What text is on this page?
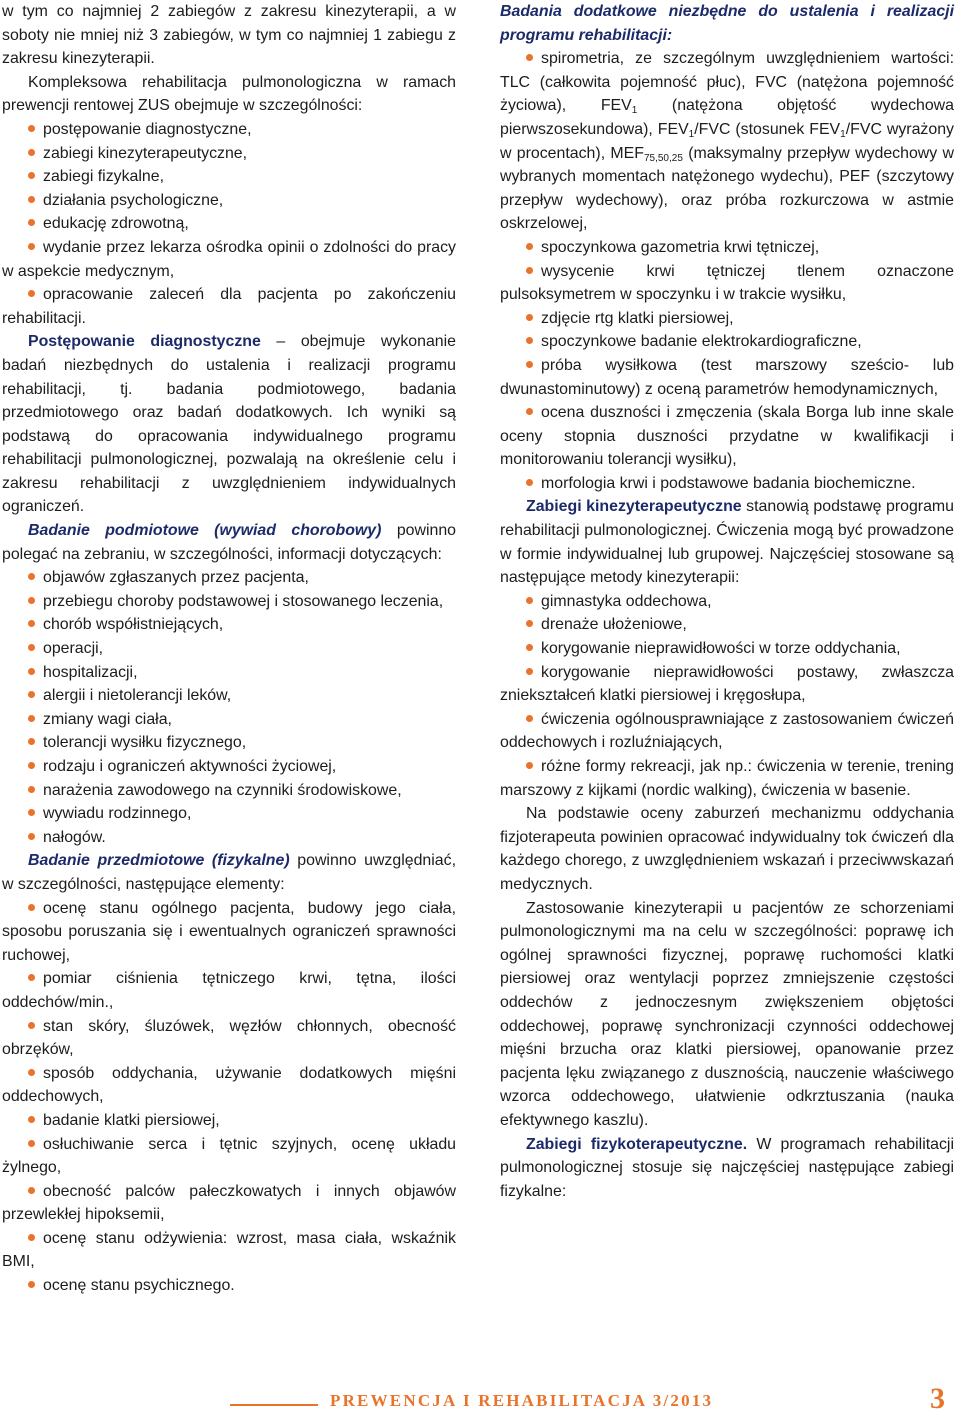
w tym co najmniej 2 zabiegów z zakresu kinezyterapii, a w soboty nie mniej niż 3 zabiegów, w tym co najmniej 1 zabiegu z zakresu kinezyterapii.

Kompleksowa rehabilitacja pulmonologiczna w ramach prewencji rentowej ZUS obejmuje w szczególności:

postępowanie diagnostyczne,

zabiegi kinezyterapeutyczne,

zabiegi fizykalne,

działania psychologiczne,

edukację zdrowotną,

wydanie przez lekarza ośrodka opinii o zdolności do pracy w aspekcie medycznym,

opracowanie zaleceń dla pacjenta po zakończeniu rehabilitacji.

Postępowanie diagnostyczne – obejmuje wykonanie badań niezbędnych do ustalenia i realizacji programu rehabilitacji, tj. badania podmiotowego, badania przedmiotowego oraz badań dodatkowych. Ich wyniki są podstawą do opracowania indywidualnego programu rehabilitacji pulmonologicznej, pozwalają na określenie celu i zakresu rehabilitacji z uwzględnieniem indywidualnych ograniczeń.

Badanie podmiotowe (wywiad chorobowy) powinno polegać na zebraniu, w szczególności, informacji dotyczących:

objawów zgłaszanych przez pacjenta,

przebiegu choroby podstawowej i stosowanego leczenia,

chorób współistniejących,

operacji,

hospitalizacji,

alergii i nietolerancji leków,

zmiany wagi ciała,

tolerancji wysiłku fizycznego,

rodzaju i ograniczeń aktywności życiowej,

narażenia zawodowego na czynniki środowiskowe,

wywiadu rodzinnego,

nałogów.

Badanie przedmiotowe (fizykalne) powinno uwzględniać, w szczególności, następujące elementy:

ocenę stanu ogólnego pacjenta, budowy jego ciała, sposobu poruszania się i ewentualnych ograniczeń sprawności ruchowej,

pomiar ciśnienia tętniczego krwi, tętna, ilości oddechów/min.,

stan skóry, śluzówek, węzłów chłonnych, obecność obrzęków,

sposób oddychania, używanie dodatkowych mięśni oddechowych,

badanie klatki piersiowej,

osłuchiwanie serca i tętnic szyjnych, ocenę układu żylnego,

obecność palców pałeczkowatych i innych objawów przewlekłej hipoksemii,

ocenę stanu odżywienia: wzrost, masa ciała, wskaźnik BMI,

ocenę stanu psychicznego.

Badania dodatkowe niezbędne do ustalenia i realizacji programu rehabilitacji:

spirometria, ze szczególnym uwzględnieniem wartości: TLC (całkowita pojemność płuc), FVC (natężona pojemność życiowa), $FEV_1$ (natężona objętość wydechowa pierwszosekundowa), $FEV_1$/FVC (stosunek $FEV_1$/FVC wyrażony w procentach), $MEF_{75,50,25}$ (maksymalny przepływ wydechowy w wybranych momentach natężonego wydechu), PEF (szczytowy przepływ wydechowy), oraz próba rozkurczowa w astmie oskrzelowej,

spoczynkowa gazometria krwi tętniczej,

wysycenie krwi tętniczej tlenem oznaczone pulsoksymetrem w spoczynku i w trakcie wysiłku,

zdjęcie rtg klatki piersiowej,

spoczynkowe badanie elektrokardiograficzne,

próba wysiłkowa (test marszowy sześcio- lub dwunastominutowy) z oceną parametrów hemodynamicznych,

ocena duszności i zmęczenia (skala Borga lub inne skale oceny stopnia duszności przydatne w kwalifikacji i monitorowaniu tolerancji wysiłku),

morfologia krwi i podstawowe badania biochemiczne.

Zabiegi kinezyterapeutyczne stanowią podstawę programu rehabilitacji pulmonologicznej. Ćwiczenia mogą być prowadzone w formie indywidualnej lub grupowej. Najczęściej stosowane są następujące metody kinezyterapii:

gimnastyka oddechowa,

drenaże ułożeniowe,

korygowanie nieprawidłowości w torze oddychania,

korygowanie nieprawidłowości postawy, zwłaszcza zniekształceń klatki piersiowej i kręgosłupa,

ćwiczenia ogólnousprawniające z zastosowaniem ćwiczeń oddechowych i rozluźniających,

różne formy rekreacji, jak np.: ćwiczenia w terenie, trening marszowy z kijkami (nordic walking), ćwiczenia w basenie.

Na podstawie oceny zaburzeń mechanizmu oddychania fizjoterapeuta powinien opracować indywidualny tok ćwiczeń dla każdego chorego, z uwzględnieniem wskazań i przeciwwskazań medycznych.

Zastosowanie kinezyterapii u pacjentów ze schorzeniami pulmonologicznymi ma na celu w szczególności: poprawę ich ogólnej sprawności fizycznej, poprawę ruchomości klatki piersiowej oraz wentylacji poprzez zmniejszenie częstości oddechów z jednoczesnym zwiększeniem objętości oddechowej, poprawę synchronizacji czynności oddechowej mięśni brzucha oraz klatki piersiowej, opanowanie przez pacjenta lęku związanego z dusznością, nauczenie właściwego wzorca oddechowego, ułatwienie odkrztuszania (nauka efektywnego kaszlu).

Zabiegi fizykoterapeutyczne. W programach rehabilitacji pulmonologicznej stosuje się najczęściej następujące zabiegi fizykalne:

PREWENCJA I REHABILITACJA 3/2013	3
